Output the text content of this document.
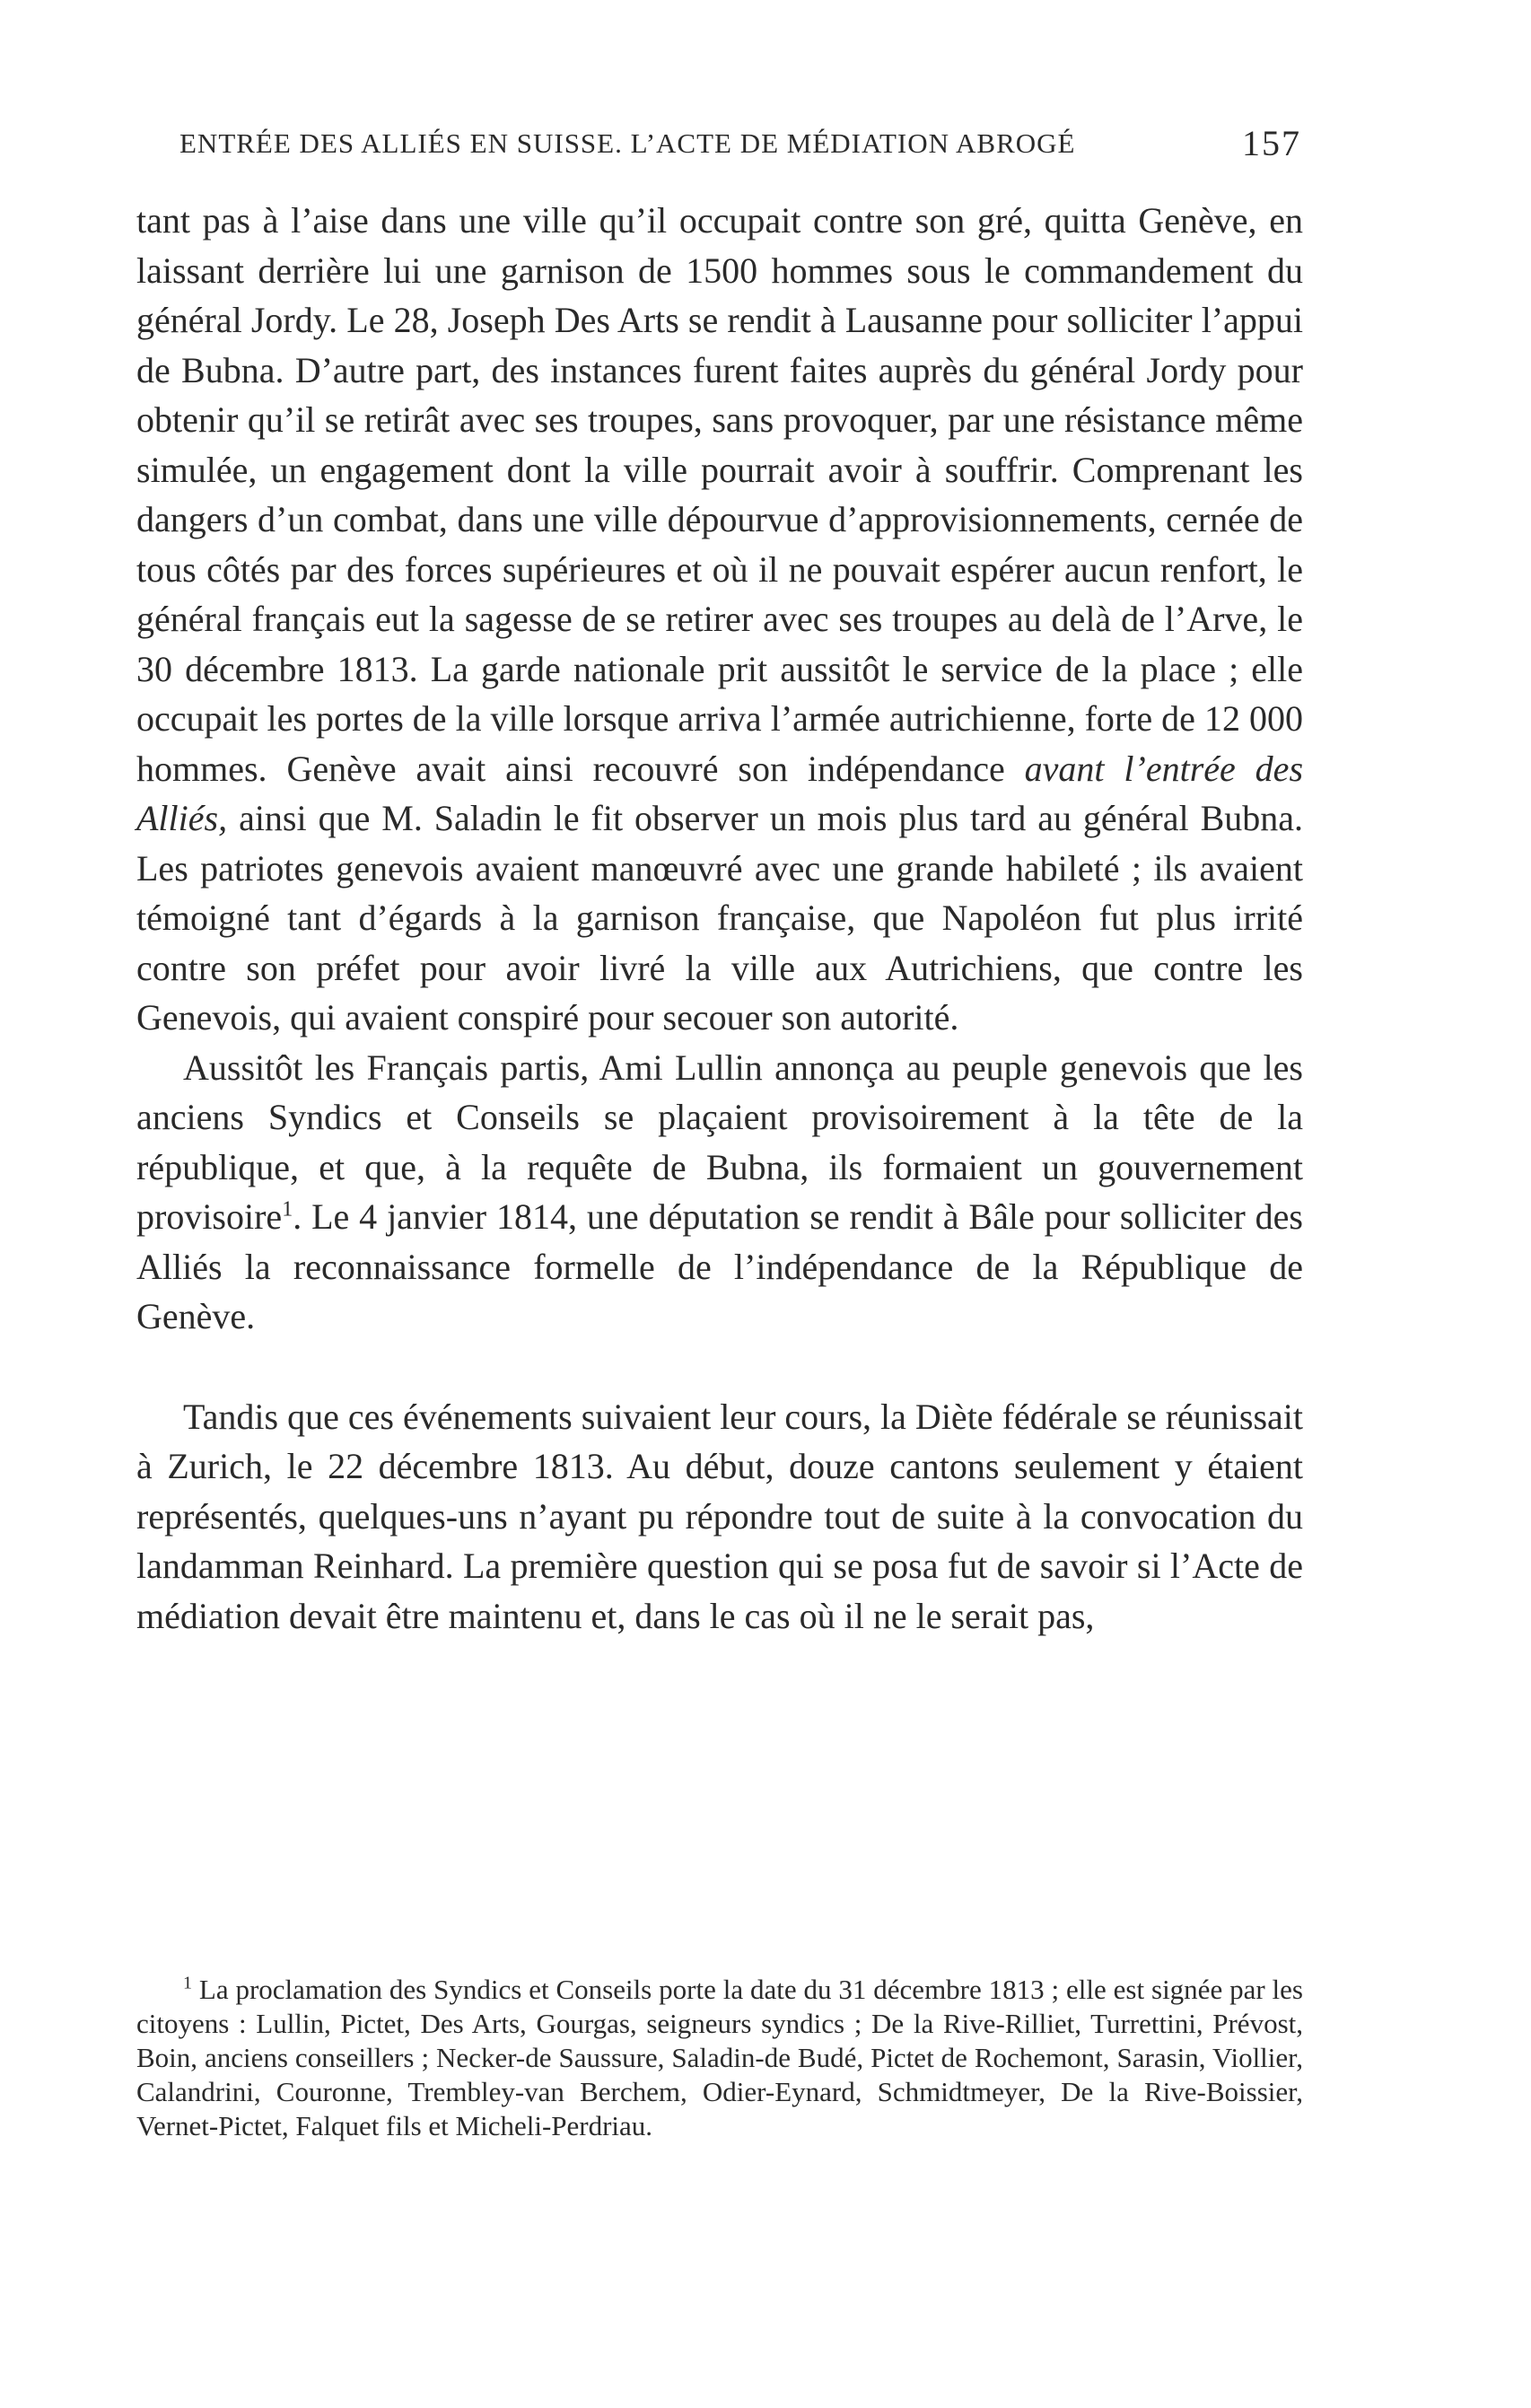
ENTRÉE DES ALLIÉS EN SUISSE. L’ACTE DE MÉDIATION ABROGÉ	157

tant pas à l’aise dans une ville qu’il occupait contre son gré, quitta Genève, en laissant derrière lui une garnison de 1500 hommes sous le commandement du général Jordy. Le 28, Joseph Des Arts se rendit à Lausanne pour solliciter l’appui de Bubna. D’autre part, des instances furent faites auprès du général Jordy pour obtenir qu’il se retirât avec ses troupes, sans provoquer, par une résistance même simulée, un engagement dont la ville pourrait avoir à souffrir. Comprenant les dangers d’un combat, dans une ville dépourvue d’approvisionnements, cernée de tous côtés par des forces supérieures et où il ne pouvait espérer aucun renfort, le général français eut la sagesse de se retirer avec ses troupes au delà de l’Arve, le 30 décembre 1813. La garde nationale prit aussitôt le service de la place ; elle occupait les portes de la ville lorsque arriva l’armée autrichienne, forte de 12 000 hommes. Genève avait ainsi recouvré son indépendance avant l’entrée des Alliés, ainsi que M. Saladin le fit observer un mois plus tard au général Bubna. Les patriotes genevois avaient manœuvré avec une grande habileté ; ils avaient témoigné tant d’égards à la garnison française, que Napoléon fut plus irrité contre son préfet pour avoir livré la ville aux Autrichiens, que contre les Genevois, qui avaient conspiré pour secouer son autorité.

Aussitôt les Français partis, Ami Lullin annonça au peuple genevois que les anciens Syndics et Conseils se plaçaient provisoirement à la tête de la république, et que, à la requête de Bubna, ils formaient un gouvernement provisoire$^1$. Le 4 janvier 1814, une députation se rendit à Bâle pour solliciter des Alliés la reconnaissance formelle de l’indépendance de la République de Genève.

Tandis que ces événements suivaient leur cours, la Diète fédérale se réunissait à Zurich, le 22 décembre 1813. Au début, douze cantons seulement y étaient représentés, quelques-uns n’ayant pu répondre tout de suite à la convocation du landamman Reinhard. La première question qui se posa fut de savoir si l’Acte de médiation devait être maintenu et, dans le cas où il ne le serait pas,

$^1$ La proclamation des Syndics et Conseils porte la date du 31 décembre 1813 ; elle est signée par les citoyens : Lullin, Pictet, Des Arts, Gourgas, seigneurs syndics ; De la Rive-Rilliet, Turrettini, Prévost, Boin, anciens conseillers ; Necker-de Saussure, Saladin-de Budé, Pictet de Rochemont, Sarasin, Viollier, Calandrini, Couronne, Trembley-van Berchem, Odier-Eynard, Schmidtmeyer, De la Rive-Boissier, Vernet-Pictet, Falquet fils et Micheli-Perdriau.
